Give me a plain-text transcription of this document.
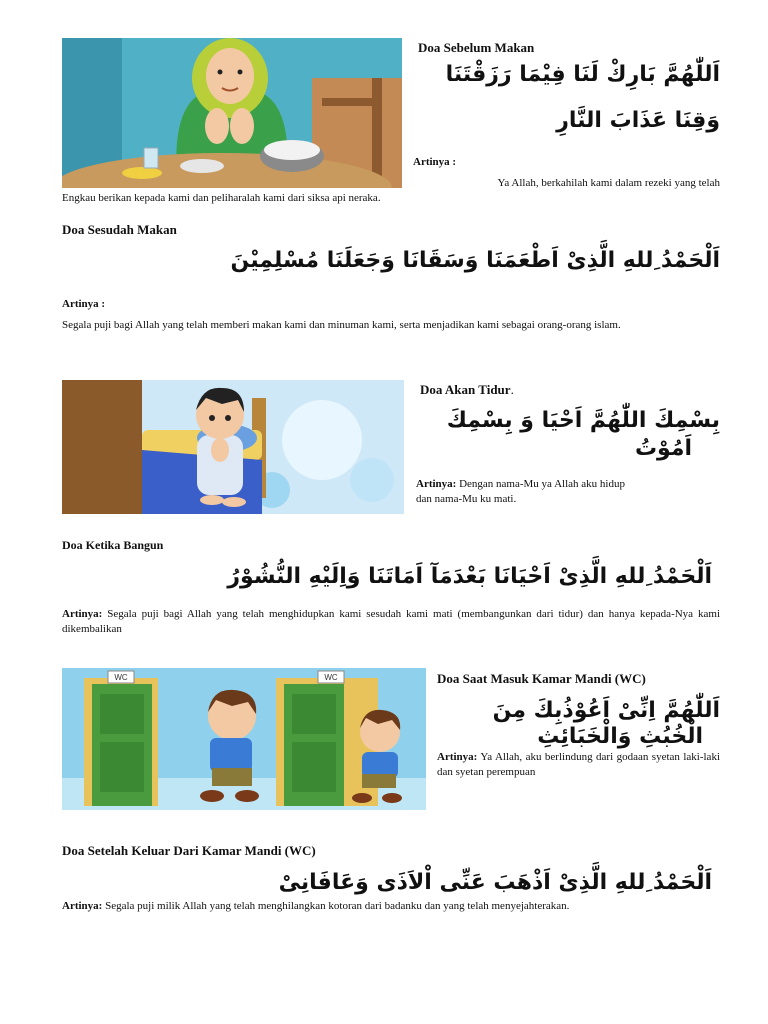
Doa Sebelum Makan
اَللّٰهُمَّ بَارِكْ لَنَا فِيْمَا رَزَقْتَنَا
وَقِنَا عَذَابَ النَّارِ
Artinya :
Ya Allah, berkahilah kami dalam rezeki yang telah
Engkau berikan kepada kami dan peliharalah kami dari siksa api neraka.
Doa Sesudah Makan
اَلْحَمْدُ ِللهِ الَّذِىْ اَطْعَمَنَا وَسَقَانَا وَجَعَلَنَا مُسْلِمِيْنَ
Artinya :
Segala puji bagi Allah yang telah memberi makan kami dan minuman kami, serta menjadikan kami sebagai orang-orang islam.
Doa Akan Tidur.
بِسْمِكَ اللّٰهُمَّ اَحْيَا وَ بِسْمِكَ
اَمُوْتُ
Artinya: Dengan nama-Mu ya Allah aku hidup
dan nama-Mu ku mati.
Doa Ketika Bangun
اَلْحَمْدُ ِللهِ الَّذِىْ اَحْيَانَا بَعْدَمَآ اَمَاتَنَا وَاِلَيْهِ النُّشُوْرُ
Artinya: Segala puji bagi Allah yang telah menghidupkan kami sesudah kami mati (membangunkan dari tidur) dan hanya kepada-Nya kami dikembalikan
WC	WC	Doa Saat Masuk Kamar Mandi (WC)
اَللّٰهُمَّ اِنِّىْ اَعُوْذُبِكَ مِنَ
الْخُبُثِ وَالْخَبَائِثِ
Artinya: Ya Allah, aku berlindung dari godaan syetan laki-laki dan syetan perempuan
Doa Setelah Keluar Dari Kamar Mandi (WC)
اَلْحَمْدُ ِللهِ الَّذِىْ اَذْهَبَ عَنِّى اْلاَذَى وَعَافَانِىْ
Artinya: Segala puji milik Allah yang telah menghilangkan kotoran dari badanku dan yang telah menyejahterakan.
